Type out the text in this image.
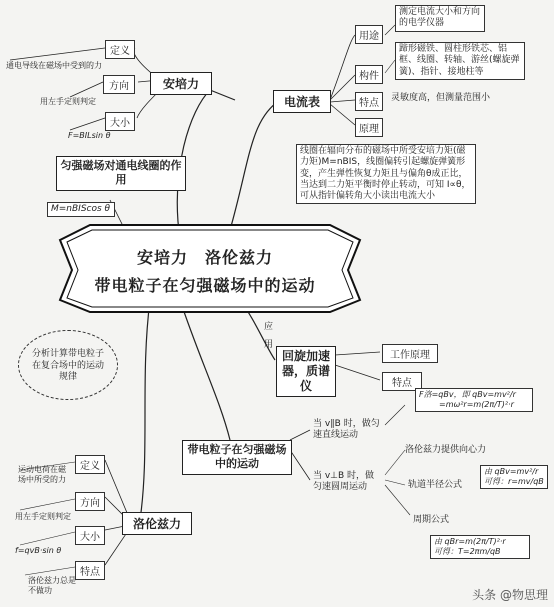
安培力　洛伦兹力
带电粒子在匀强磁场中的运动
安培力
定义
通电导线在磁场中受到的力
方向
用左手定则判定
大小
F=BILsin θ
匀强磁场对通电线圈的作用
M=nBIScos θ
电流表
用途
测定电流大小和方向的电学仪器
构件
蹄形磁铁、圆柱形铁芯、铝框、线圈、转轴、游丝(螺旋弹簧)、指针、接地柱等
特点	灵敏度高，但测量范围小
原理
线圈在辐向分布的磁场中所受安培力矩(磁力矩)M=nBIS，线圈偏转引起螺旋弹簧形变，产生弹性恢复力矩且与偏角θ成正比，当达到二力矩平衡时停止转动，可知 I∝θ，可从指针偏转角大小读出电流大小
应用
回旋加速器，质谱仪
工作原理
特点
分析计算带电粒子在复合场中的运动规律
带电粒子在匀强磁场中的运动
当 v∥B 时，做匀速直线运动
当 v⊥B 时，做匀速圆周运动
F洛=qBv，即 qBv=mv²/r
=mω²r=m(2π/T)²·r
洛伦兹力提供向心力
由 qBv=mv²/r
可得：r=mv/qB
轨道半径公式
周期公式
由 qBr=m(2π/T)²·r
可得：T=2πm/qB
洛伦兹力
定义
运动电荷在磁场中所受的力
方向
用左手定则判定
大小
f=qvB·sin θ
特点
洛伦兹力总是不做功	头条 @物思理
